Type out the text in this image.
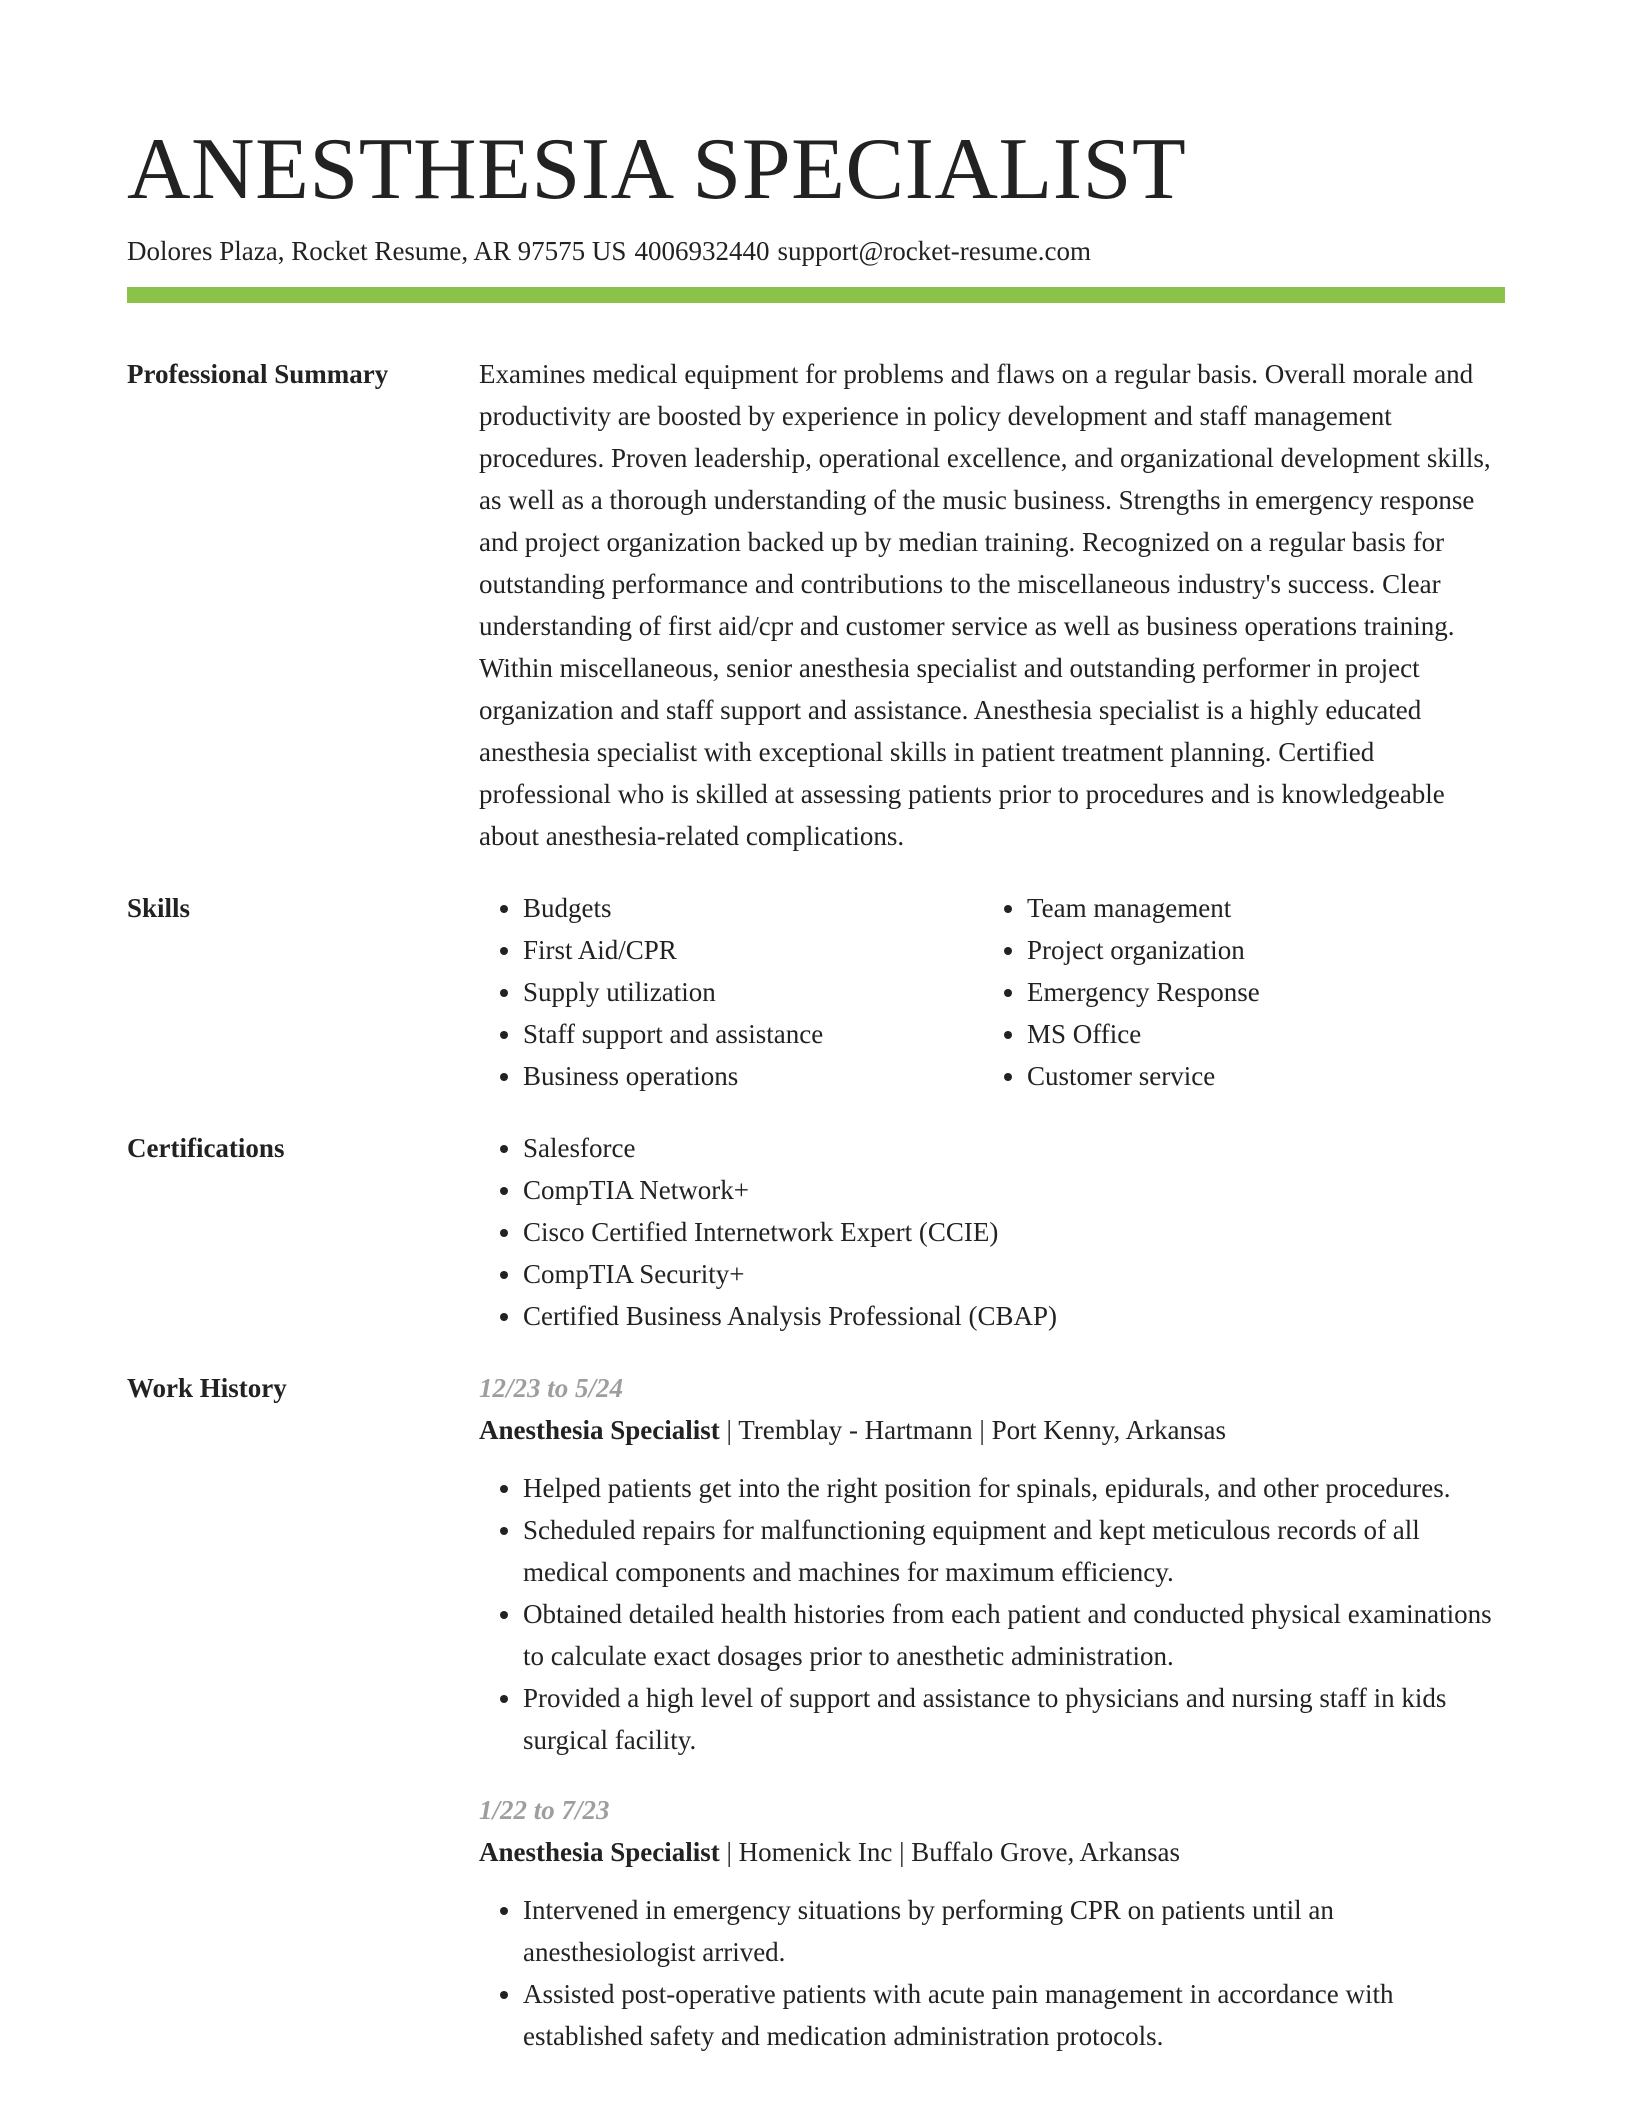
ANESTHESIA SPECIALIST
Dolores Plaza, Rocket Resume, AR 97575 US 4006932440 support@rocket-resume.com
Professional Summary	Examines medical equipment for problems and flaws on a regular basis. Overall morale and productivity are boosted by experience in policy development and staff management procedures. Proven leadership, operational excellence, and organizational development skills, as well as a thorough understanding of the music business. Strengths in emergency response and project organization backed up by median training. Recognized on a regular basis for outstanding performance and contributions to the miscellaneous industry's success. Clear understanding of first aid/cpr and customer service as well as business operations training. Within miscellaneous, senior anesthesia specialist and outstanding performer in project organization and staff support and assistance. Anesthesia specialist is a highly educated anesthesia specialist with exceptional skills in patient treatment planning. Certified professional who is skilled at assessing patients prior to procedures and is knowledgeable about anesthesia-related complications.

Skills	• Budgets
• First Aid/CPR
• Supply utilization
• Staff support and assistance
• Business operations
• Team management
• Project organization
• Emergency Response
• MS Office
• Customer service
Certifications	• Salesforce
• CompTIA Network+
• Cisco Certified Internetwork Expert (CCIE)
• CompTIA Security+
• Certified Business Analysis Professional (CBAP)
Work History	12/23 to 5/24
Anesthesia Specialist | Tremblay - Hartmann | Port Kenny, Arkansas
• Helped patients get into the right position for spinals, epidurals, and other procedures.
• Scheduled repairs for malfunctioning equipment and kept meticulous records of all medical components and machines for maximum efficiency.
• Obtained detailed health histories from each patient and conducted physical examinations to calculate exact dosages prior to anesthetic administration.
• Provided a high level of support and assistance to physicians and nursing staff in kids surgical facility.
1/22 to 7/23
Anesthesia Specialist | Homenick Inc | Buffalo Grove, Arkansas
• Intervened in emergency situations by performing CPR on patients until an anesthesiologist arrived.
• Assisted post-operative patients with acute pain management in accordance with established safety and medication administration protocols.
